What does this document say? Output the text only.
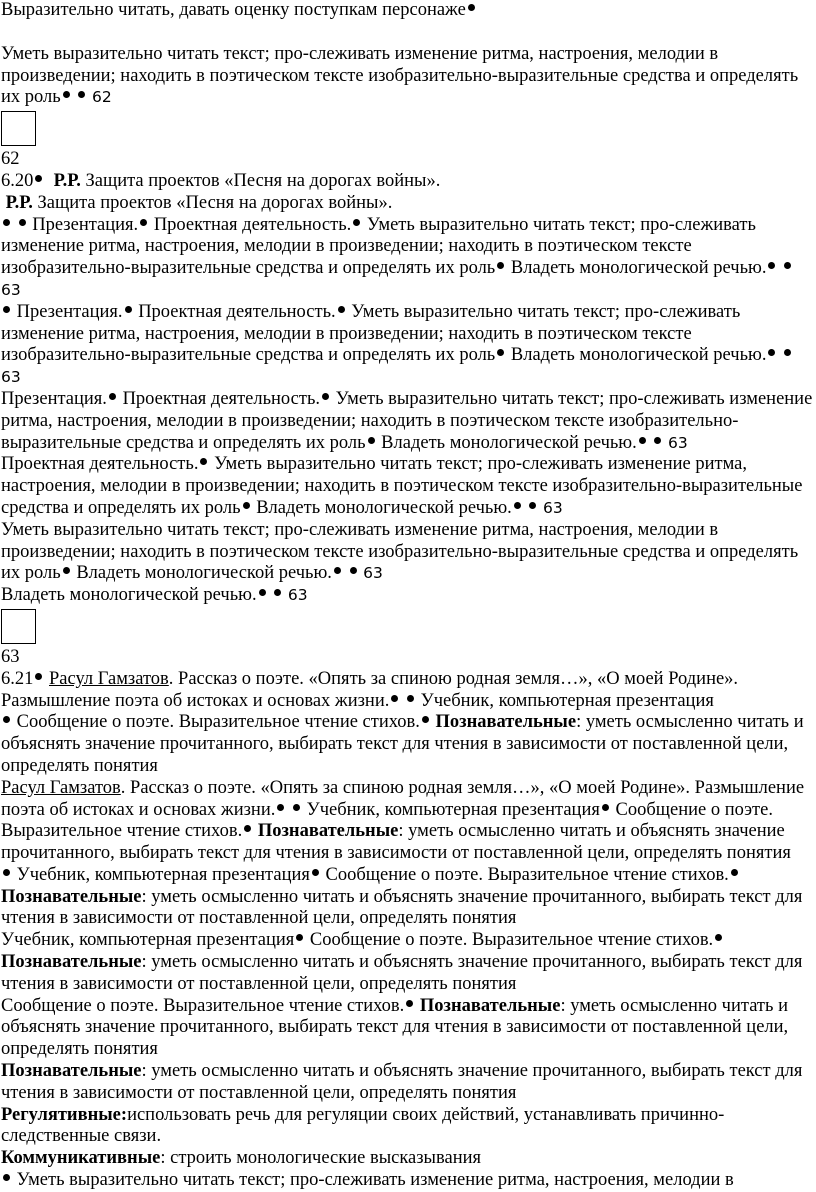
Выразительно читать, давать оценку поступкам персонаже

Уметь выразительно читать текст; про-слеживать изменение ритма, настроения, мелодии в произведении; находить в поэтическом тексте изобразительно-выразительные средства и определять их роль 62

62

6.20 Р.Р. Защита проектов «Песня на дорогах войны».

Р.Р. Защита проектов «Песня на дорогах войны».

Презентация. Проектная деятельность. Уметь выразительно читать текст; про-слеживать изменение ритма, настроения, мелодии в произведении; находить в поэтическом тексте изобразительно-выразительные средства и определять их роль Владеть монологической речью.  63

Презентация. Проектная деятельность. Уметь выразительно читать текст; про-слеживать изменение ритма, настроения, мелодии в произведении; находить в поэтическом тексте изобразительно-выразительные средства и определять их роль Владеть монологической речью.  63

Презентация. Проектная деятельность. Уметь выразительно читать текст; про-слеживать изменение ритма, настроения, мелодии в произведении; находить в поэтическом тексте изобразительно-выразительные средства и определять их роль Владеть монологической речью. 63

Проектная деятельность. Уметь выразительно читать текст; про-слеживать изменение ритма, настроения, мелодии в произведении; находить в поэтическом тексте изобразительно-выразительные средства и определять их роль Владеть монологической речью. 63

Уметь выразительно читать текст; про-слеживать изменение ритма, настроения, мелодии в произведении; находить в поэтическом тексте изобразительно-выразительные средства и определять их роль Владеть монологической речью. 63

Владеть монологической речью. 63

63

6.21 Расул Гамзатов. Рассказ о поэте. «Опять за спиною родная земля…», «О моей Родине». Размышление поэта об истоках и основах жизни. Учебник, компьютерная презентация

Сообщение о поэте. Выразительное чтение стихов. Познавательные: уметь осмысленно читать и объяснять значение прочитанного, выбирать текст для чтения в зависимости от поставленной цели, определять понятия

Расул Гамзатов. Рассказ о поэте. «Опять за спиною родная земля…», «О моей Родине». Размышление поэта об истоках и основах жизни. Учебник, компьютерная презентация Сообщение о поэте. Выразительное чтение стихов. Познавательные: уметь осмысленно читать и объяснять значение прочитанного, выбирать текст для чтения в зависимости от поставленной цели, определять понятия

Учебник, компьютерная презентация Сообщение о поэте. Выразительное чтение стихов. Познавательные: уметь осмысленно читать и объяснять значение прочитанного, выбирать текст для чтения в зависимости от поставленной цели, определять понятия

Учебник, компьютерная презентация Сообщение о поэте. Выразительное чтение стихов. Познавательные: уметь осмысленно читать и объяснять значение прочитанного, выбирать текст для чтения в зависимости от поставленной цели, определять понятия

Сообщение о поэте. Выразительное чтение стихов. Познавательные: уметь осмысленно читать и объяснять значение прочитанного, выбирать текст для чтения в зависимости от поставленной цели, определять понятия

Познавательные: уметь осмысленно читать и объяснять значение прочитанного, выбирать текст для чтения в зависимости от поставленной цели, определять понятия

Регулятивные:использовать речь для регуляции своих действий, устанавливать причинно-следственные связи.

Коммуникативные: строить монологические высказывания

Уметь выразительно читать текст; про-слеживать изменение ритма, настроения, мелодии в
